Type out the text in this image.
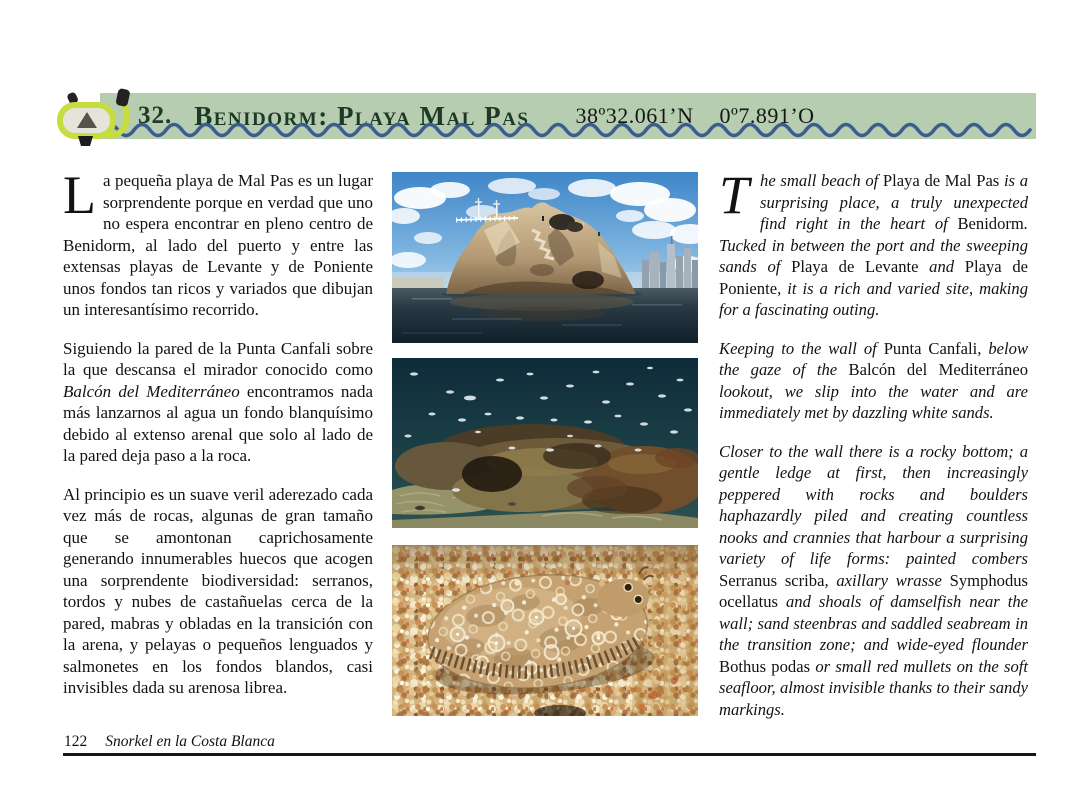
32. Benidorm: Playa Mal Pas 38º32.061’N 0º7.891’O

La pequeña playa de Mal Pas es un lugar sorprendente porque en verdad que uno no espera encontrar en pleno centro de Benidorm, al lado del puerto y entre las extensas playas de Levante y de Poniente unos fondos tan ricos y variados que dibujan un interesantísimo recorrido.

Siguiendo la pared de la Punta Canfali sobre la que descansa el mirador conocido como Balcón del Mediterráneo encontramos nada más lanzarnos al agua un fondo blanquísimo debido al extenso arenal que solo al lado de la pared deja paso a la roca.

Al principio es un suave veril aderezado cada vez más de rocas, algunas de gran tamaño que se amontonan caprichosamente generando innumerables huecos que acogen una sorprendente biodiversidad: serranos, tordos y nubes de castañuelas cerca de la pared, mabras y obladas en la transición con la arena, y pelayas o pequeños lenguados y salmonetes en los fondos blandos, casi invisibles dada su arenosa librea.

The small beach of Playa de Mal Pas is a surprising place, a truly unexpected find right in the heart of Benidorm. Tucked in between the port and the sweeping sands of Playa de Levante and Playa de Poniente, it is a rich and varied site, making for a fascinating outing.

Keeping to the wall of Punta Canfali, below the gaze of the Balcón del Mediterráneo lookout, we slip into the water and are immediately met by dazzling white sands.

Closer to the wall there is a rocky bottom; a gentle ledge at first, then increasingly peppered with rocks and boulders haphazardly piled and creating countless nooks and crannies that harbour a surprising variety of life forms: painted combers Serranus scriba, axillary wrasse Symphodus ocellatus and shoals of damselfish near the wall; sand steenbras and saddled seabream in the transition zone; and wide-eyed flounder Bothus podas or small red mullets on the soft seafloor, almost invisible thanks to their sandy markings.

122 Snorkel en la Costa Blanca
